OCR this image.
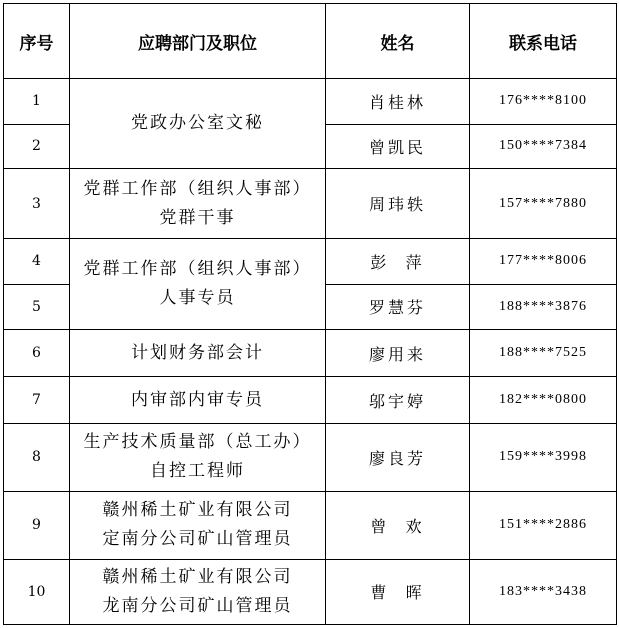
序号	应聘部门及职位	姓名	联系电话
1	党政办公室文秘	肖桂林	176****8100
2		曾凯民	150****7384
3	党群工作部（组织人事部）
党群干事	周玮轶	157****7880
4	党群工作部（组织人事部）
人事专员	彭  萍	177****8006
5		罗慧芬	188****3876
6	计划财务部会计	廖用来	188****7525
7	内审部内审专员	邬宇婷	182****0800
8	生产技术质量部（总工办）
自控工程师	廖良芳	159****3998
9	赣州稀土矿业有限公司
定南分公司矿山管理员	曾  欢	151****2886
10	赣州稀土矿业有限公司
龙南分公司矿山管理员	曹  晖	183****3438
